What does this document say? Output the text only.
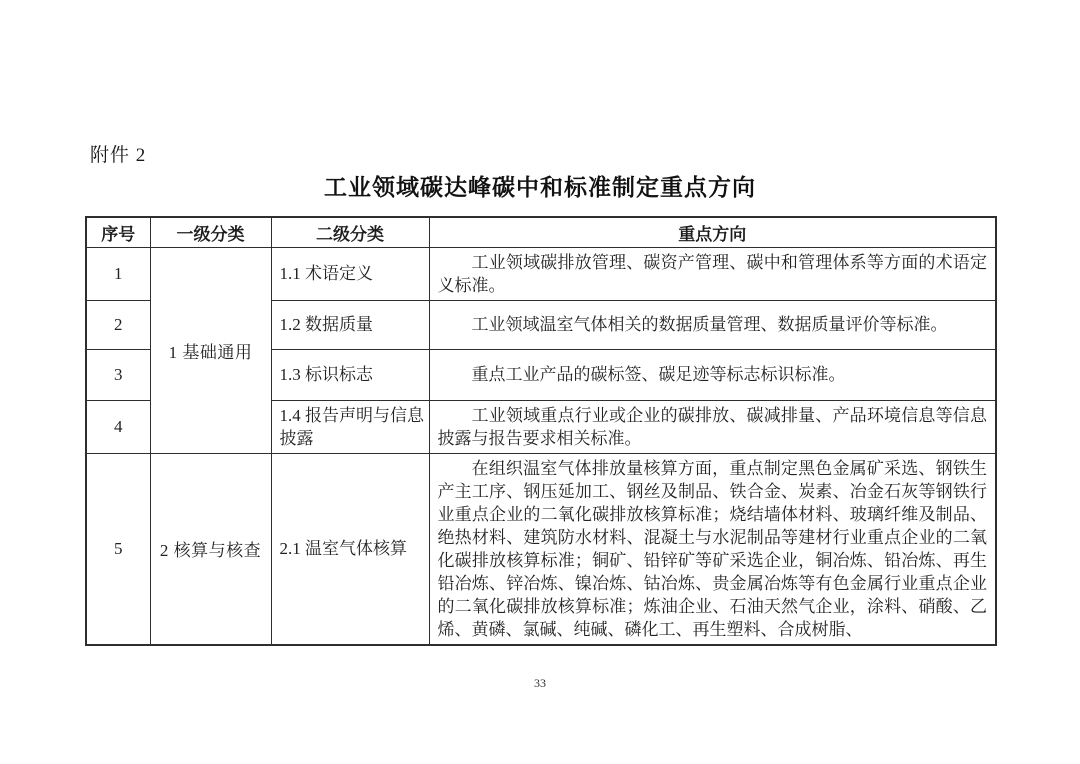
附件 2
工业领域碳达峰碳中和标准制定重点方向
序号	一级分类	二级分类	重点方向
1	1 基础通用	1.1 术语定义	工业领域碳排放管理、碳资产管理、碳中和管理体系等方面的术语定义标准。

2		1.2 数据质量	工业领域温室气体相关的数据质量管理、数据质量评价等标准。

3		1.3 标识标志	重点工业产品的碳标签、碳足迹等标志标识标准。

4		1.4 报告声明与信息披露	工业领域重点行业或企业的碳排放、碳减排量、产品环境信息等信息披露与报告要求相关标准。

5	2 核算与核查	2.1 温室气体核算	在组织温室气体排放量核算方面，重点制定黑色金属矿采选、钢铁生产主工序、钢压延加工、钢丝及制品、铁合金、炭素、冶金石灰等钢铁行业重点企业的二氧化碳排放核算标准；烧结墙体材料、玻璃纤维及制品、绝热材料、建筑防水材料、混凝土与水泥制品等建材行业重点企业的二氧化碳排放核算标准；铜矿、铅锌矿等矿采选企业，铜冶炼、铅冶炼、再生铅冶炼、锌冶炼、镍冶炼、钴冶炼、贵金属冶炼等有色金属行业重点企业的二氧化碳排放核算标准；炼油企业、石油天然气企业，涂料、硝酸、乙烯、黄磷、氯碱、纯碱、磷化工、再生塑料、合成树脂、

33
